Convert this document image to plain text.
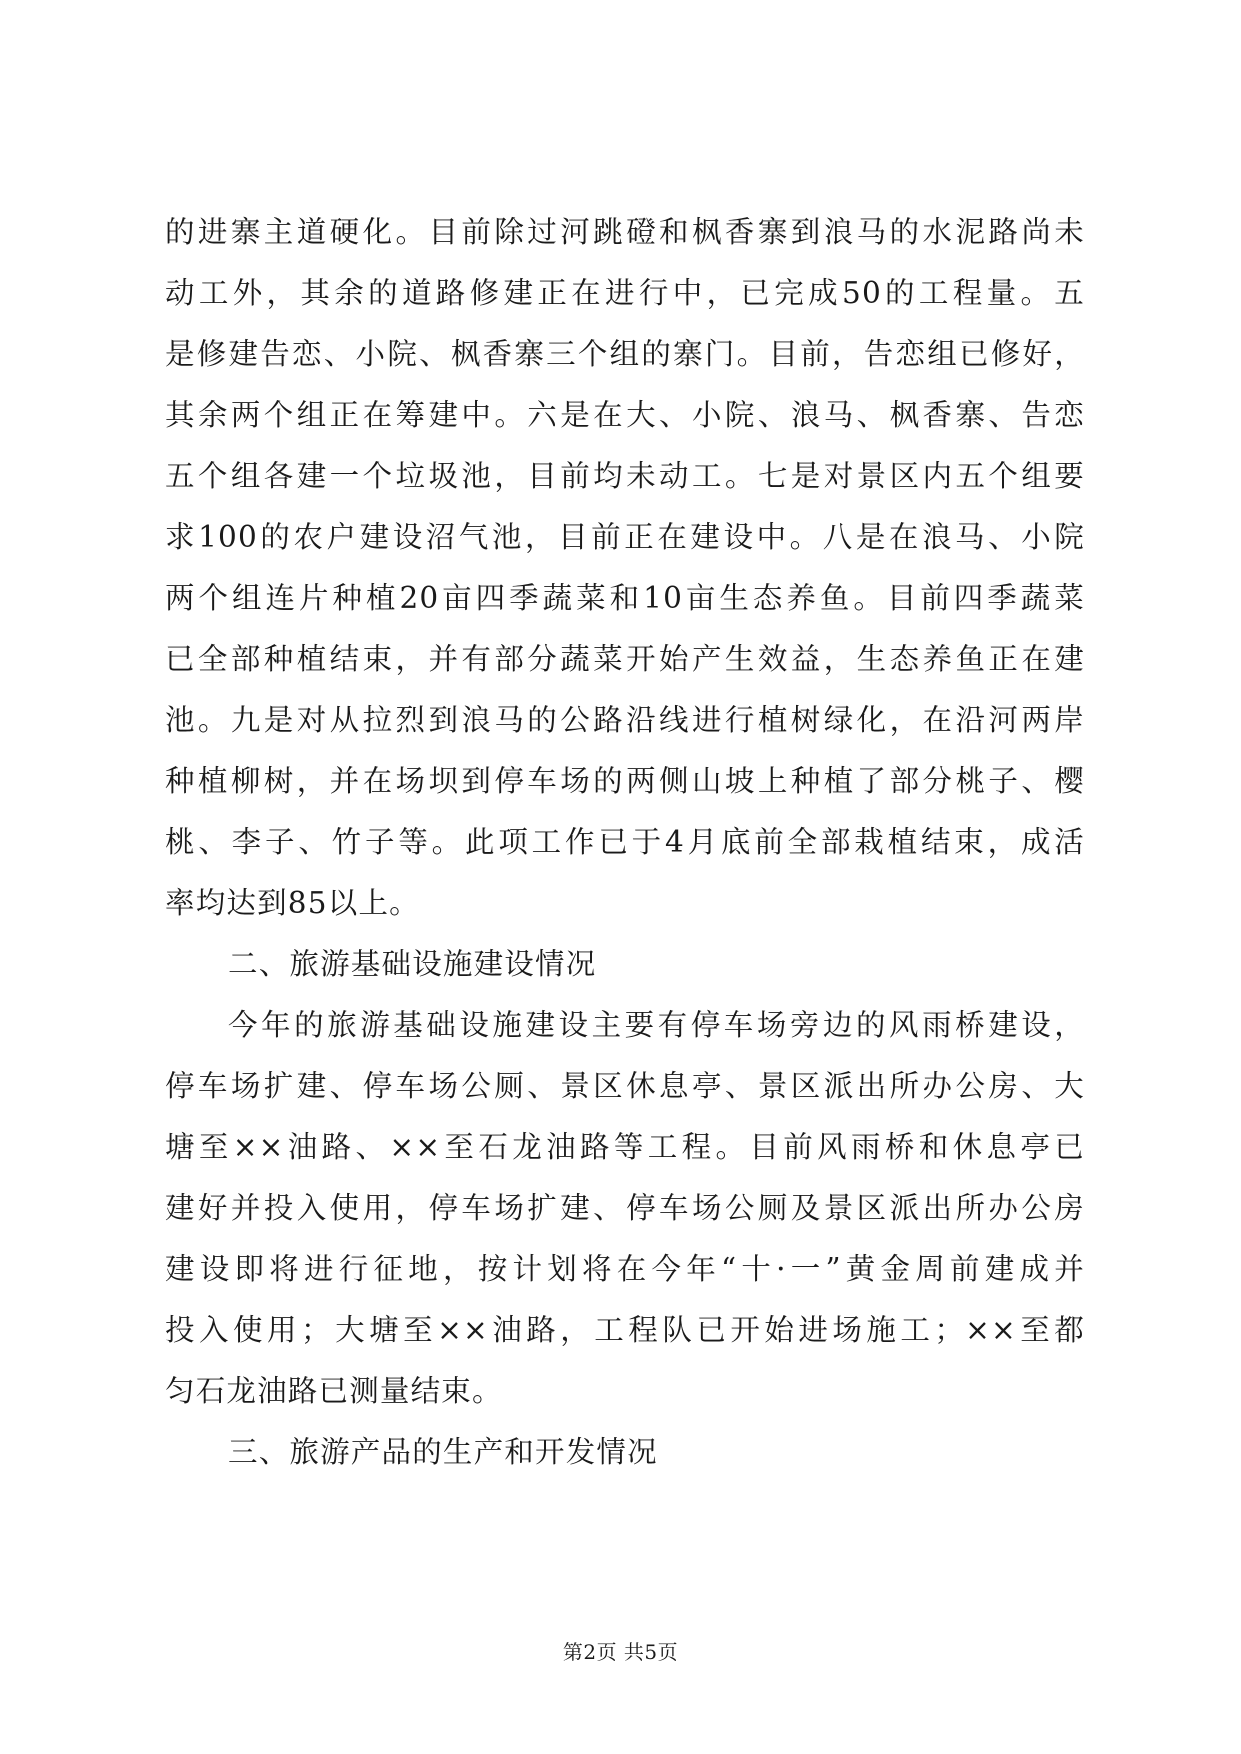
的进寨主道硬化。目前除过河跳磴和枫香寨到浪马的水泥路尚未
动工外，其余的道路修建正在进行中，已完成50的工程量。五
是修建告恋、小院、枫香寨三个组的寨门。目前，告恋组已修好，
其余两个组正在筹建中。六是在大、小院、浪马、枫香寨、告恋
五个组各建一个垃圾池，目前均未动工。七是对景区内五个组要
求100的农户建设沼气池，目前正在建设中。八是在浪马、小院
两个组连片种植20亩四季蔬菜和10亩生态养鱼。目前四季蔬菜
已全部种植结束，并有部分蔬菜开始产生效益，生态养鱼正在建
池。九是对从拉烈到浪马的公路沿线进行植树绿化，在沿河两岸
种植柳树，并在场坝到停车场的两侧山坡上种植了部分桃子、樱
桃、李子、竹子等。此项工作已于4月底前全部栽植结束，成活
率均达到85以上。
二、旅游基础设施建设情况
今年的旅游基础设施建设主要有停车场旁边的风雨桥建设，
停车场扩建、停车场公厕、景区休息亭、景区派出所办公房、大
塘至××油路、××至石龙油路等工程。目前风雨桥和休息亭已
建好并投入使用，停车场扩建、停车场公厕及景区派出所办公房
建设即将进行征地，按计划将在今年“十·一”黄金周前建成并
投入使用；大塘至××油路，工程队已开始进场施工；××至都
匀石龙油路已测量结束。
三、旅游产品的生产和开发情况
第2页 共5页
